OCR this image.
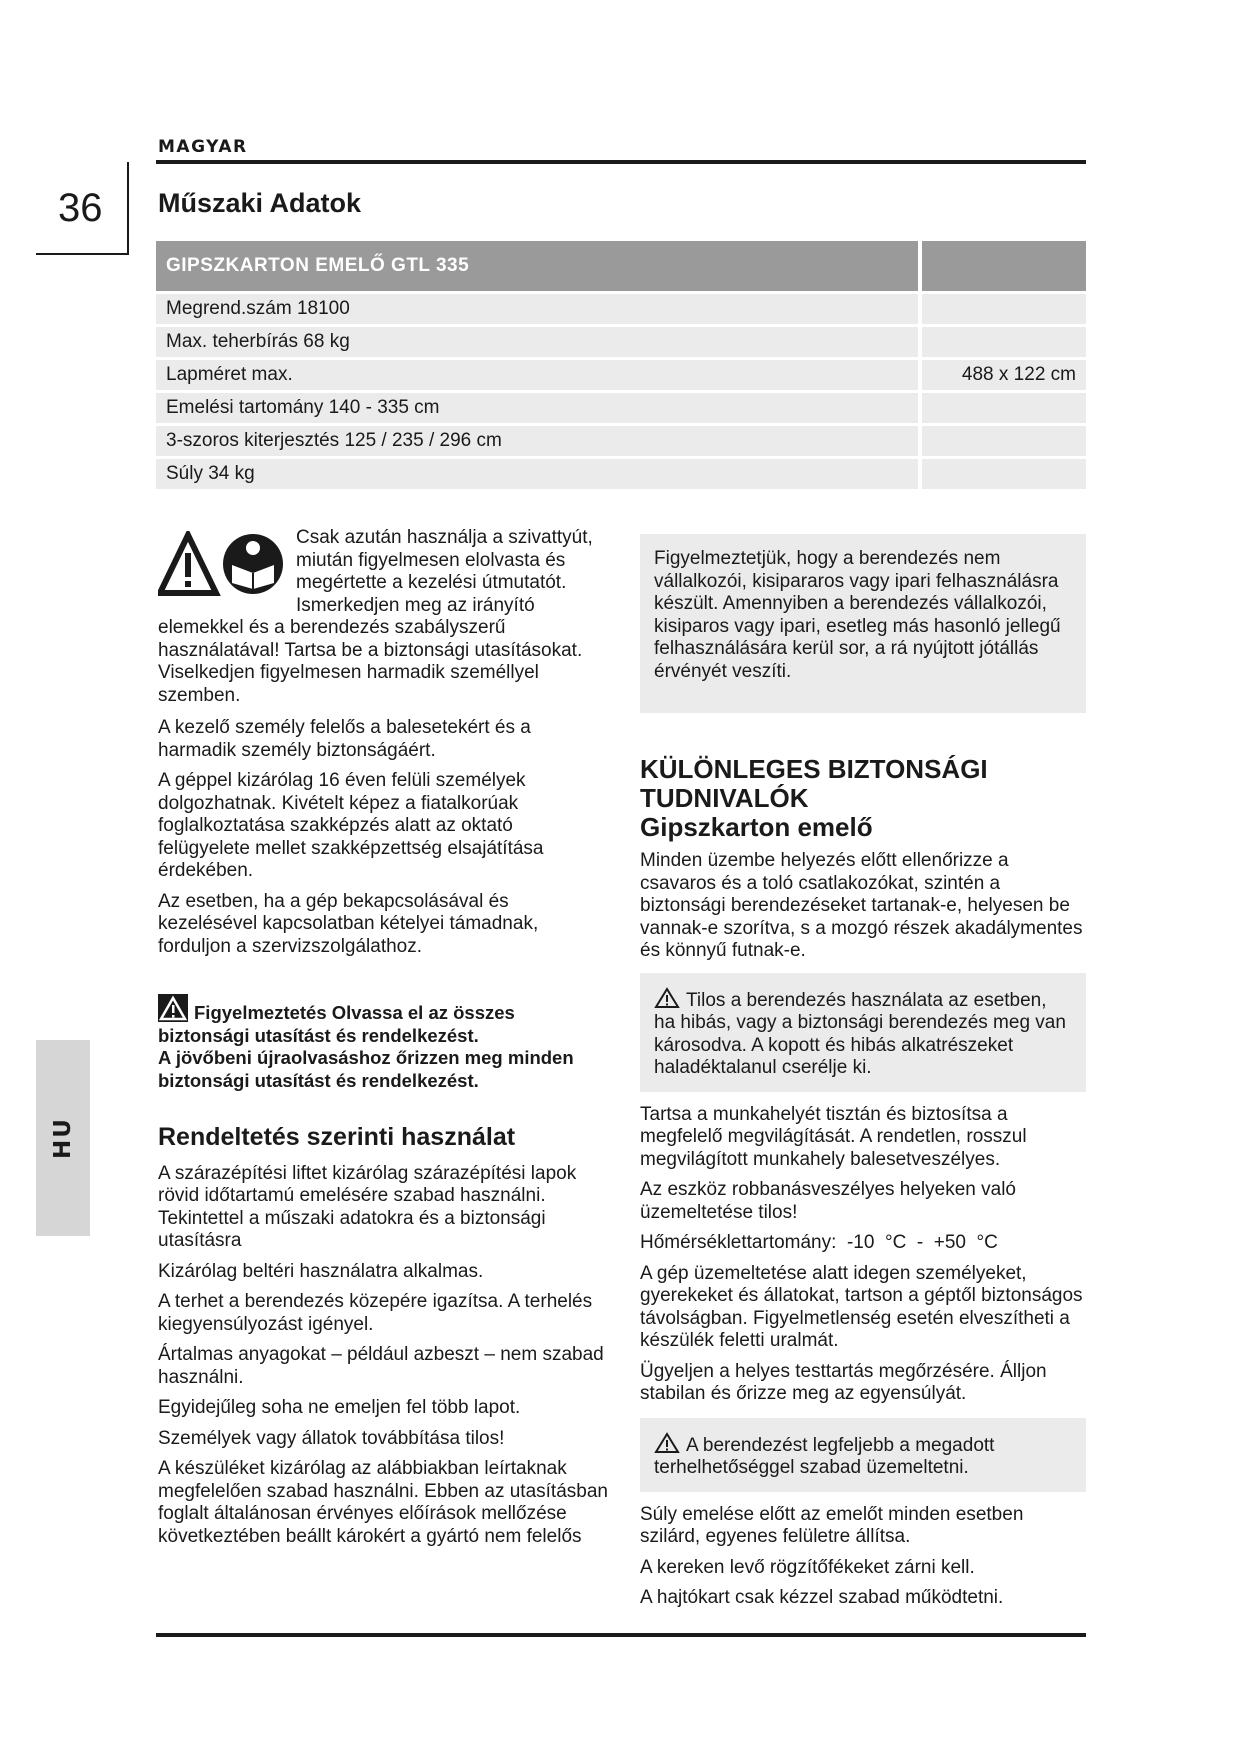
MAGYAR
36
HU
Műszaki Adatok
GIPSZKARTON EMELŐ GTL 335	
Megrend.szám 18100	
Max. teherbírás 68 kg	
Lapméret max.	488 x 122 cm
Emelési tartomány 140 - 335 cm	
3-szoros kiterjesztés 125 / 235 / 296 cm	
Súly 34 kg	
Csak azután használja a szivattyút, miután figyelmesen elolvasta és megértette a kezelési útmutatót. Ismerkedjen meg az irányító elemekkel és a berendezés szabályszerű használatával! Tartsa be a biztonsági utasításokat. Viselkedjen figyelmesen harmadik személlyel szemben.

A kezelő személy felelős a balesetekért és a harmadik személy biztonságáért.

A géppel kizárólag 16 éven felüli személyek dolgozhatnak. Kivételt képez a fiatalkorúak foglalkoztatása szakképzés alatt az oktató felügyelete mellet szakképzettség elsajátítása érdekében.

Az esetben, ha a gép bekapcsolásával és kezelésével kapcsolatban kételyei támadnak, forduljon a szervizszolgálathoz.

Figyelmeztetés Olvassa el az összes biztonsági utasítást és rendelkezést.
A jövőbeni újraolvasáshoz őrizzen meg minden biztonsági utasítást és rendelkezést.
Rendeltetés szerinti használat

A szárazépítési liftet kizárólag szárazépítési lapok rövid időtartamú emelésére szabad használni. Tekintettel a műszaki adatokra és a biztonsági utasításra

Kizárólag beltéri használatra alkalmas.

A terhet a berendezés közepére igazítsa. A terhelés kiegyensúlyozást igényel.

Ártalmas anyagokat – például azbeszt – nem szabad használni.

Egyidejűleg soha ne emeljen fel több lapot.

Személyek vagy állatok továbbítása tilos!

A készüléket kizárólag az alábbiakban leírtaknak megfelelően szabad használni. Ebben az utasításban foglalt általánosan érvényes előírások mellőzése következtében beállt károkért a gyártó nem felelős

Figyelmeztetjük, hogy a berendezés nem vállalkozói, kisipararos vagy ipari felhasználásra készült. Amennyiben a berendezés vállalkozói, kisiparos vagy ipari, esetleg más hasonló jellegű felhasználására kerül sor, a rá nyújtott jótállás érvényét veszíti.
KÜLÖNLEGES BIZTONSÁGI
TUDNIVALÓK
Gipszkarton emelő

Minden üzembe helyezés előtt ellenőrizze a csavaros és a toló csatlakozókat, szintén a biztonsági berendezéseket tartanak-e, helyesen be vannak-e szorítva, s a mozgó részek akadálymentes és könnyű futnak-e.

Tilos a berendezés használata az esetben, ha hibás, vagy a biztonsági berendezés meg van károsodva. A kopott és hibás alkatrészeket haladéktalanul cserélje ki.

Tartsa a munkahelyét tisztán és biztosítsa a megfelelő megvilágítását. A rendetlen, rosszul megvilágított munkahely balesetveszélyes.

Az eszköz robbanásveszélyes helyeken való üzemeltetése tilos!

Hőmérséklettartomány:  -10  °C  -  +50  °C

A gép üzemeltetése alatt idegen személyeket, gyerekeket és állatokat, tartson a géptől biztonságos távolságban. Figyelmetlenség esetén elveszítheti a készülék feletti uralmát.

Ügyeljen a helyes testtartás megőrzésére. Álljon stabilan és őrizze meg az egyensúlyát.

A berendezést legfeljebb a megadott terhelhetőséggel szabad üzemeltetni.

Súly emelése előtt az emelőt minden esetben szilárd, egyenes felületre állítsa.

A kereken levő rögzítőfékeket zárni kell.

A hajtókart csak kézzel szabad működtetni.
